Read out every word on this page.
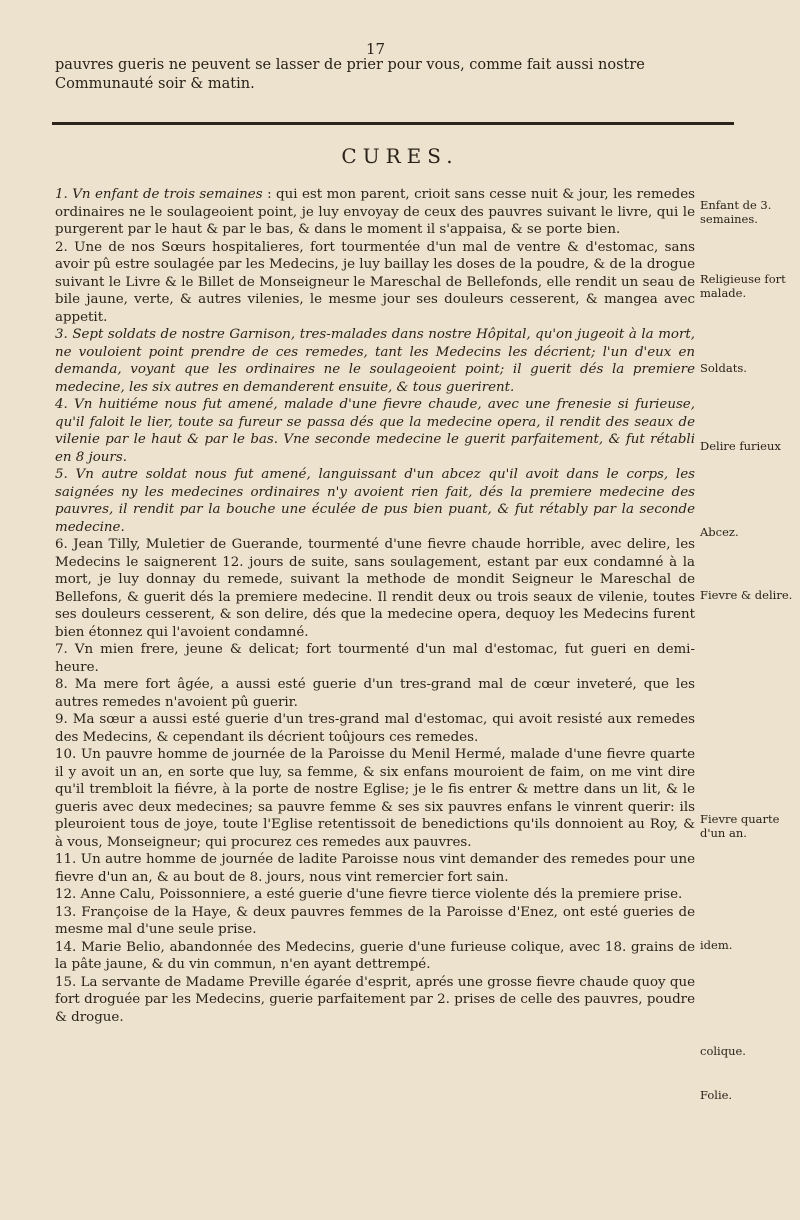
17
pauvres gueris ne peuvent se lasser de prier pour vous, comme fait aussi nostre Communauté soir & matin.
CURES.

1. Vn enfant de trois semaines : qui est mon parent, crioit sans cesse nuit & jour, les remedes ordinaires ne le soulageoient point, je luy envoyay de ceux des pauvres suivant le livre, qui le purgerent par le haut & par le bas, & dans le moment il s'appaisa, & se porte bien.

2. Une de nos Sœurs hospitalieres, fort tourmentée d'un mal de ventre & d'estomac, sans avoir pû estre soulagée par les Medecins, je luy baillay les doses de la poudre, & de la drogue suivant le Livre & le Billet de Monseigneur le Mareschal de Bellefonds, elle rendit un seau de bile jaune, verte, & autres vilenies, le mesme jour ses douleurs cesserent, & mangea avec appetit.

3. Sept soldats de nostre Garnison, tres-malades dans nostre Hôpital, qu'on jugeoit à la mort, ne vouloient point prendre de ces remedes, tant les Medecins les décrient; l'un d'eux en demanda, voyant que les ordinaires ne le soulageoient point; il guerit dés la premiere medecine, les six autres en demanderent ensuite, & tous guerirent.

4. Vn huitiéme nous fut amené, malade d'une fievre chaude, avec une frenesie si furieuse, qu'il faloit le lier, toute sa fureur se passa dés que la medecine opera, il rendit des seaux de vilenie par le haut & par le bas. Vne seconde medecine le guerit parfaitement, & fut rétabli en 8 jours.

5. Vn autre soldat nous fut amené, languissant d'un abcez qu'il avoit dans le corps, les saignées ny les medecines ordinaires n'y avoient rien fait, dés la premiere medecine des pauvres, il rendit par la bouche une éculée de pus bien puant, & fut rétably par la seconde medecine.

6. Jean Tilly, Muletier de Guerande, tourmenté d'une fievre chaude horrible, avec delire, les Medecins le saignerent 12. jours de suite, sans soulagement, estant par eux condamné à la mort, je luy donnay du remede, suivant la methode de mondit Seigneur le Mareschal de Bellefons, & guerit dés la premiere medecine. Il rendit deux ou trois seaux de vilenie, toutes ses douleurs cesserent, & son delire, dés que la medecine opera, dequoy les Medecins furent bien étonnez qui l'avoient condamné.

7. Vn mien frere, jeune & delicat; fort tourmenté d'un mal d'estomac, fut gueri en demi-heure.

8. Ma mere fort âgée, a aussi esté guerie d'un tres-grand mal de cœur inveteré, que les autres remedes n'avoient pû guerir.

9. Ma sœur a aussi esté guerie d'un tres-grand mal d'estomac, qui avoit resisté aux remedes des Medecins, & cependant ils décrient toûjours ces remedes.

10. Un pauvre homme de journée de la Paroisse du Menil Hermé, malade d'une fievre quarte il y avoit un an, en sorte que luy, sa femme, & six enfans mouroient de faim, on me vint dire qu'il trembloit la fiévre, à la porte de nostre Eglise; je le fis entrer & mettre dans un lit, & le gueris avec deux medecines; sa pauvre femme & ses six pauvres enfans le vinrent querir: ils pleuroient tous de joye, toute l'Eglise retentissoit de benedictions qu'ils donnoient au Roy, & à vous, Monseigneur; qui procurez ces remedes aux pauvres.

11. Un autre homme de journée de ladite Paroisse nous vint demander des remedes pour une fievre d'un an, & au bout de 8. jours, nous vint remercier fort sain.

12. Anne Calu, Poissonniere, a esté guerie d'une fievre tierce violente dés la premiere prise.

13. Françoise de la Haye, & deux pauvres femmes de la Paroisse d'Enez, ont esté gueries de mesme mal d'une seule prise.

14. Marie Belio, abandonnée des Medecins, guerie d'une furieuse colique, avec 18. grains de la pâte jaune, & du vin commun, n'en ayant dettrempé.

15. La servante de Madame Preville égarée d'esprit, aprés une grosse fievre chaude quoy que fort droguée par les Medecins, guerie parfaitement par 2. prises de celle des pauvres, poudre & drogue.

Enfant de 3. semaines.
Religieuse fort malade.
Soldats.
Delire furieux
Abcez.
Fievre & delire.
Fievre quarte d'un an.
idem.
colique.
Folie.
